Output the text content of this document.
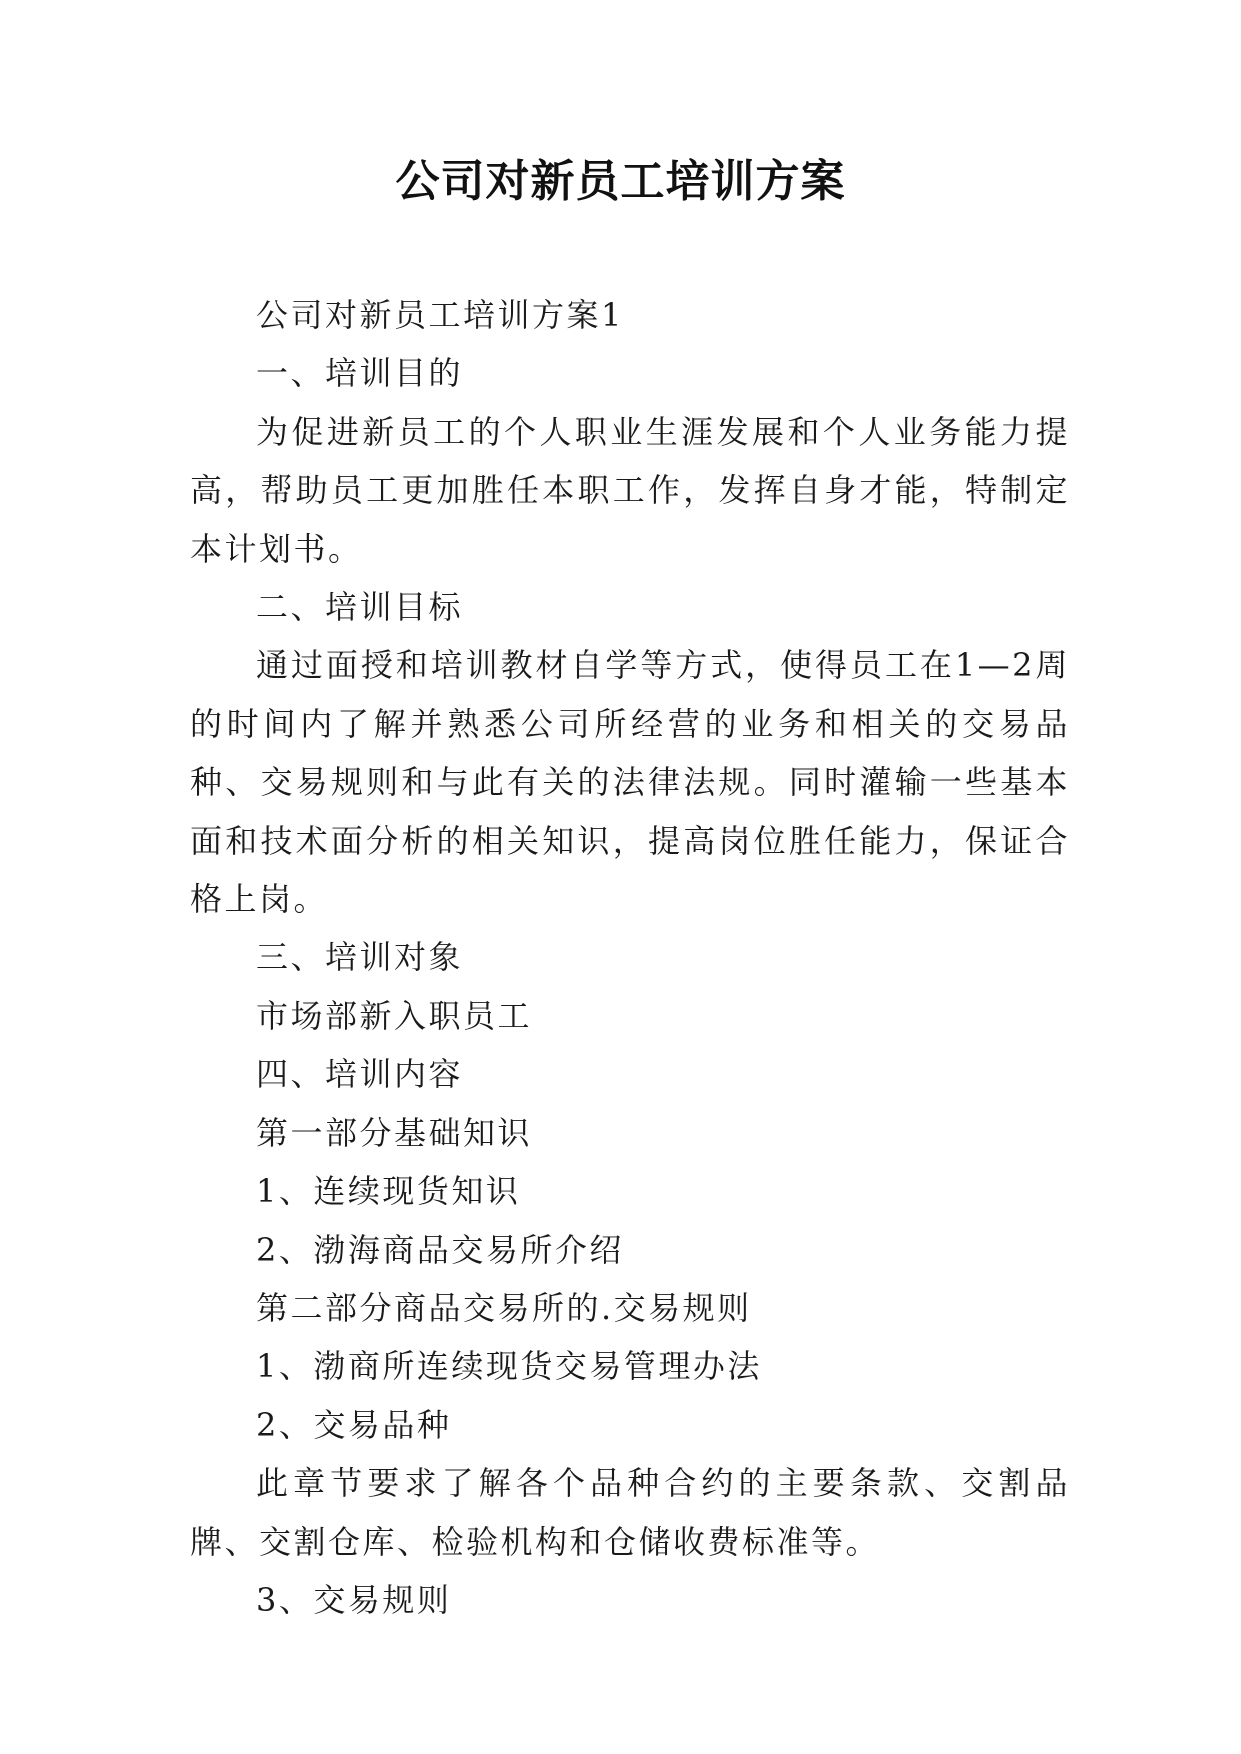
公司对新员工培训方案

公司对新员工培训方案1

一、培训目的

为促进新员工的个人职业生涯发展和个人业务能力提高，帮助员工更加胜任本职工作，发挥自身才能，特制定本计划书。

二、培训目标

通过面授和培训教材自学等方式，使得员工在1—2周的时间内了解并熟悉公司所经营的业务和相关的交易品种、交易规则和与此有关的法律法规。同时灌输一些基本面和技术面分析的相关知识，提高岗位胜任能力，保证合格上岗。

三、培训对象

市场部新入职员工

四、培训内容

第一部分基础知识

1、连续现货知识

2、渤海商品交易所介绍

第二部分商品交易所的.交易规则

1、渤商所连续现货交易管理办法

2、交易品种

此章节要求了解各个品种合约的主要条款、交割品牌、交割仓库、检验机构和仓储收费标准等。

3、交易规则
